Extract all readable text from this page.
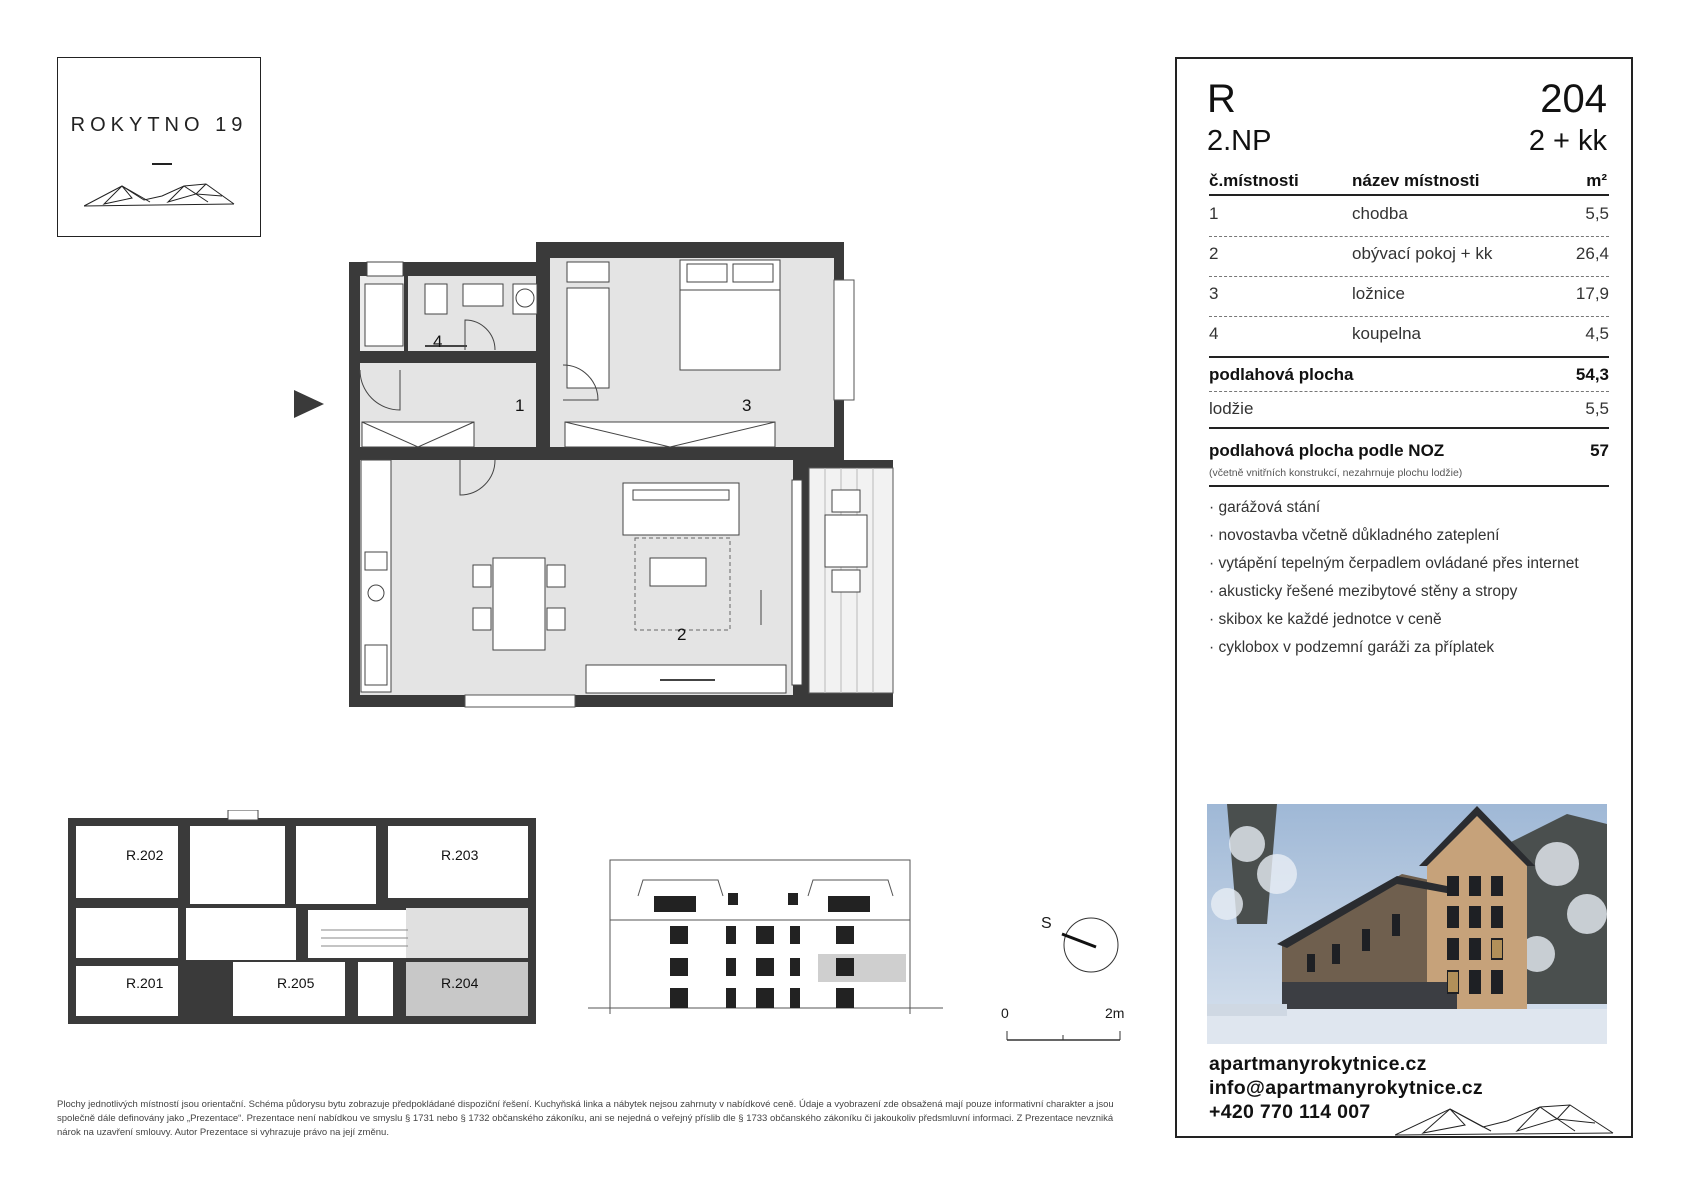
ROKYTNO 19
1
2
3
4
R.202	R.203
R.201	R.205	R.204
S
0	2m
Plochy jednotlivých místností jsou orientační. Schéma půdorysu bytu zobrazuje předpokládané dispoziční řešení. Kuchyňská linka a nábytek nejsou zahrnuty v nabídkové ceně. Údaje a vyobrazení zde obsažená mají pouze informativní charakter a jsou společně dále definovány jako „Prezentace“. Prezentace není nabídkou ve smyslu § 1731 nebo § 1732 občanského zákoníku, ani se nejedná o veřejný příslib dle § 1733 občanského zákoníku či jakoukoliv předsmluvní informaci. Z Prezentace nevzniká nárok na uzavření smlouvy. Autor Prezentace si vyhrazuje právo na její změnu.
R	204
2.NP	2 + kk
č.místnosti	název místnosti	m²
1	chodba	5,5
2	obývací pokoj + kk	26,4
3	ložnice	17,9
4	koupelna	4,5
podlahová plocha	54,3
lodžie	5,5
podlahová plocha podle NOZ	57
(včetně vnitřních konstrukcí, nezahrnuje plochu lodžie)
· garážová stání
· novostavba včetně důkladného zateplení
· vytápění tepelným čerpadlem ovládané přes internet
· akusticky řešené mezibytové stěny a stropy
· skibox ke každé jednotce v ceně
· cyklobox v podzemní garáži za příplatek
apartmanyrokytnice.cz
info@apartmanyrokytnice.cz
+420 770 114 007
